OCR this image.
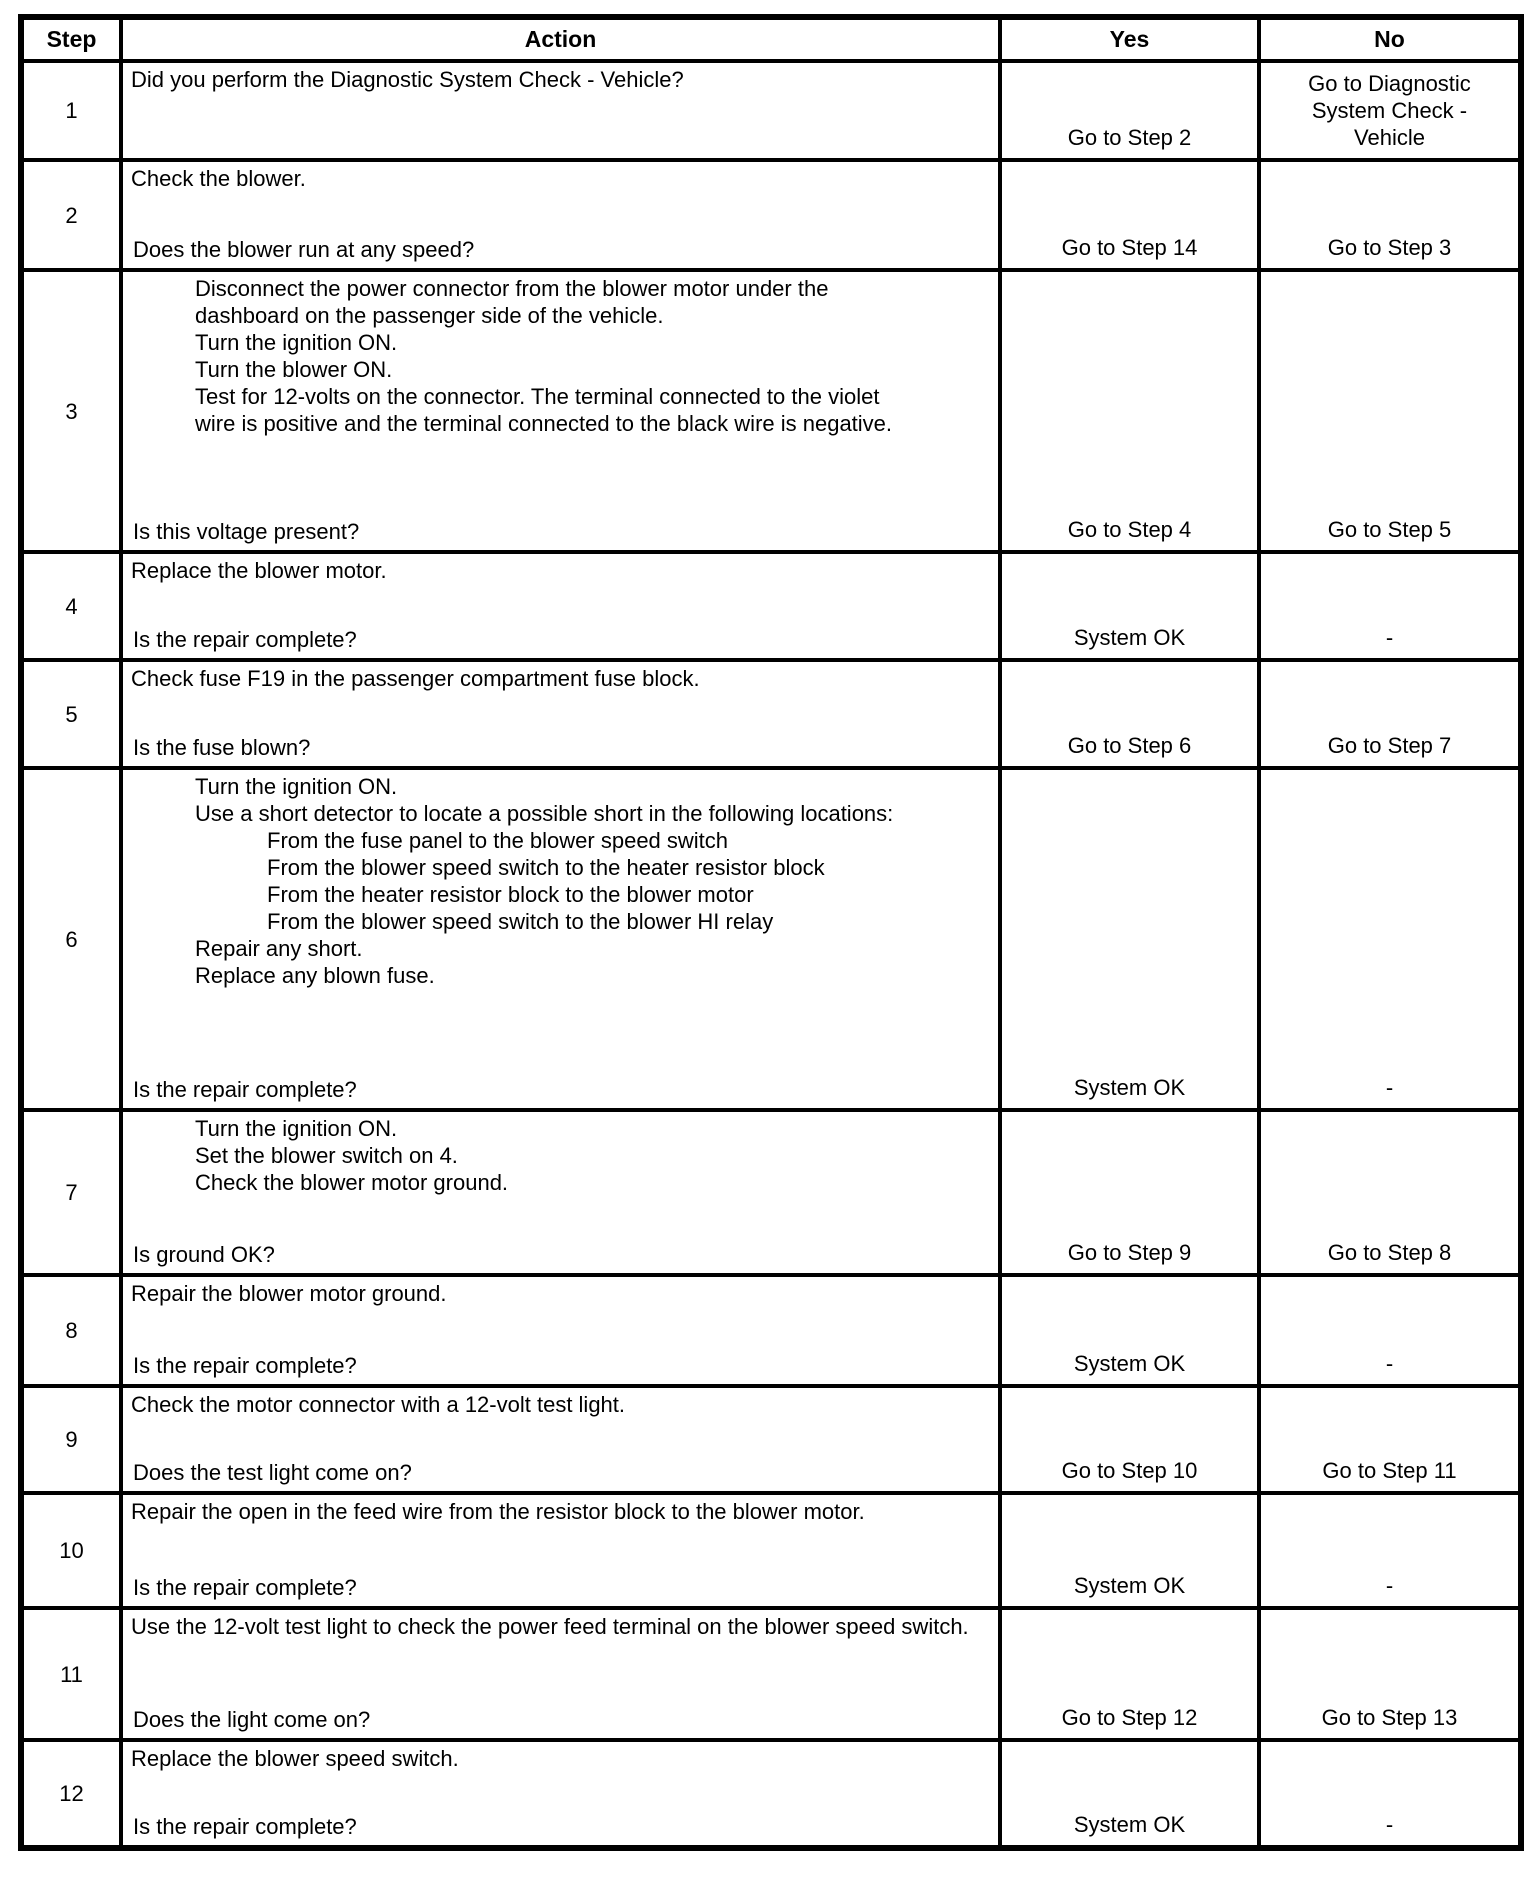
Step	Action	Yes	No
1	Did you perform the Diagnostic System Check - Vehicle?	Go to Step 2	Go to Diagnostic System Check - Vehicle
2	Check the blower.
Does the blower run at any speed?	Go to Step 14	Go to Step 3
3	Disconnect the power connector from the blower motor under the dashboard on the passenger side of the vehicle.
Turn the ignition ON.
Turn the blower ON.
Test for 12-volts on the connector. The terminal connected to the violet wire is positive and the terminal connected to the black wire is negative.
Is this voltage present?	Go to Step 4	Go to Step 5
4	Replace the blower motor.
Is the repair complete?	System OK	-
5	Check fuse F19 in the passenger compartment fuse block.
Is the fuse blown?	Go to Step 6	Go to Step 7
6	
Turn the ignition ON.
Use a short detector to locate a possible short in the following locations:
From the fuse panel to the blower speed switch
From the blower speed switch to the heater resistor block
From the heater resistor block to the blower motor
From the blower speed switch to the blower HI relay
Repair any short.
Replace any blown fuse.
Is the repair complete?	System OK	-
7	Turn the ignition ON.
Set the blower switch on 4.
Check the blower motor ground.
Is ground OK?	Go to Step 9	Go to Step 8
8	Repair the blower motor ground.
Is the repair complete?	System OK	-
9	Check the motor connector with a 12-volt test light.
Does the test light come on?	Go to Step 10	Go to Step 11
10	Repair the open in the feed wire from the resistor block to the blower motor.
Is the repair complete?	System OK	-
11	Use the 12-volt test light to check the power feed terminal on the blower speed switch.
Does the light come on?	Go to Step 12	Go to Step 13
12	Replace the blower speed switch.
Is the repair complete?	System OK	-
